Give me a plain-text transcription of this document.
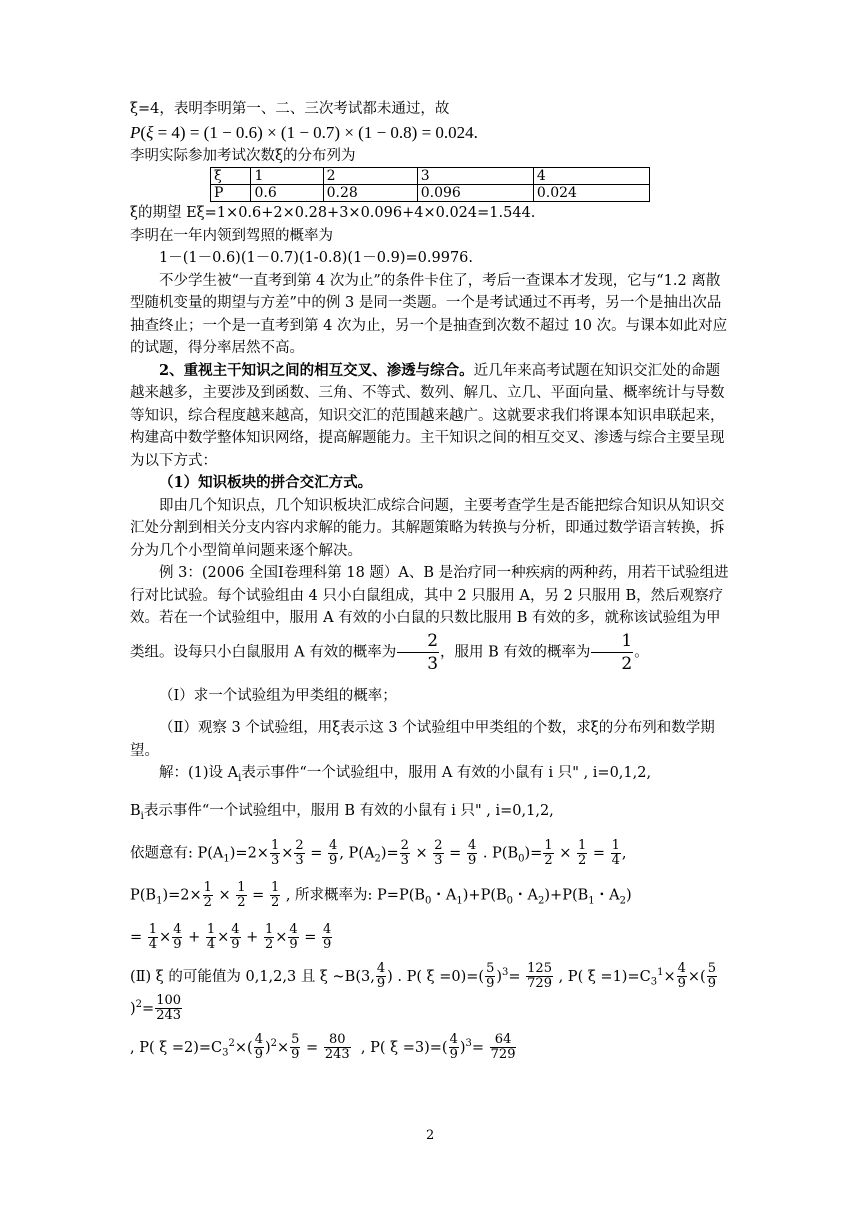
ξ=4，表明李明第一、二、三次考试都未通过，故

P(ξ = 4) = (1 − 0.6) × (1 − 0.7) × (1 − 0.8) = 0.024.

李明实际参加考试次数ξ的分布列为

ξ	1	2	3	4
P	0.6	0.28	0.096	0.024

ξ的期望 Eξ=1×0.6+2×0.28+3×0.096+4×0.024=1.544.

李明在一年内领到驾照的概率为

1－(1－0.6)(1－0.7)(1-0.8)(1－0.9)=0.9976.

不少学生被“一直考到第 4 次为止”的条件卡住了，考后一查课本才发现，它与“1.2 离散型随机变量的期望与方差”中的例 3 是同一类题。一个是考试通过不再考，另一个是抽出次品抽查终止；一个是一直考到第 4 次为止，另一个是抽查到次数不超过 10 次。与课本如此对应的试题，得分率居然不高。

2、重视主干知识之间的相互交叉、渗透与综合。近几年来高考试题在知识交汇处的命题越来越多，主要涉及到函数、三角、不等式、数列、解几、立几、平面向量、概率统计与导数等知识，综合程度越来越高，知识交汇的范围越来越广。这就要求我们将课本知识串联起来，构建高中数学整体知识网络，提高解题能力。主干知识之间的相互交叉、渗透与综合主要呈现为以下方式：

（1）知识板块的拼合交汇方式。

即由几个知识点，几个知识板块汇成综合问题，主要考查学生是否能把综合知识从知识交汇处分割到相关分支内容内求解的能力。其解题策略为转换与分析，即通过数学语言转换，拆分为几个小型简单问题来逐个解决。

例 3：(2006 全国Ⅰ卷理科第 18 题）A、B 是治疗同一种疾病的两种药，用若干试验组进行对比试验。每个试验组由 4 只小白鼠组成，其中 2 只服用 A，另 2 只服用 B，然后观察疗效。若在一个试验组中，服用 A 有效的小白鼠的只数比服用 B 有效的多，就称该试验组为甲类组。设每只小白鼠服用 A 有效的概率为 $\frac{2}{3}$ ，服用 B 有效的概率为 $\frac{1}{2}$ 。

（Ⅰ）求一个试验组为甲类组的概率；

（Ⅱ）观察 3 个试验组，用ξ表示这 3 个试验组中甲类组的个数，求ξ的分布列和数学期望。

解：(1)设 $A_i$表示事件“一个试验组中，服用 A 有效的小鼠有 i 只" , i=0,1,2,

$B_i$表示事件“一个试验组中，服用 B 有效的小鼠有 i 只" , i=0,1,2,

依题意有: $P(A_1)=2\times \frac{1}{3} \times \frac{2}{3} = \frac{4}{9}$ , $P(A_2)= \frac{2}{3} \times \frac{2}{3} = \frac{4}{9}$ . $P(B_0)= \frac{1}{2} \times \frac{1}{2} = \frac{1}{4}$ ,

$P(B_1)=2\times \frac{1}{2} \times \frac{1}{2} = \frac{1}{2}$ , 所求概率为: $P=P(B_0$・$A_1)+P(B_0$・$A_2)+P(B_1$・$A_2$)

= $\frac{1}{4} \times \frac{4}{9} + \frac{1}{4} \times \frac{4}{9} + \frac{1}{2} \times \frac{4}{9} = \frac{4}{9}$

(Ⅱ) ξ 的可能值为 0,1,2,3 且 ξ ~B(3, $\frac{4}{9}$ ) . P( $\xi =0)=( \frac{5}{9} )^3= \frac{125}{729}$ , P( $\xi =1)=C_3^1\times \frac{4}{9}$ ×( $\frac{5}{9}$
)$^2= \frac{100}{243}$

, P( $\xi =2)=C_3^2\times( \frac{4}{9} )^2\times \frac{5}{9} = \frac{80}{243}$ , P( $\xi =3)=( \frac{4}{9} )^3= \frac{64}{729}$

2
